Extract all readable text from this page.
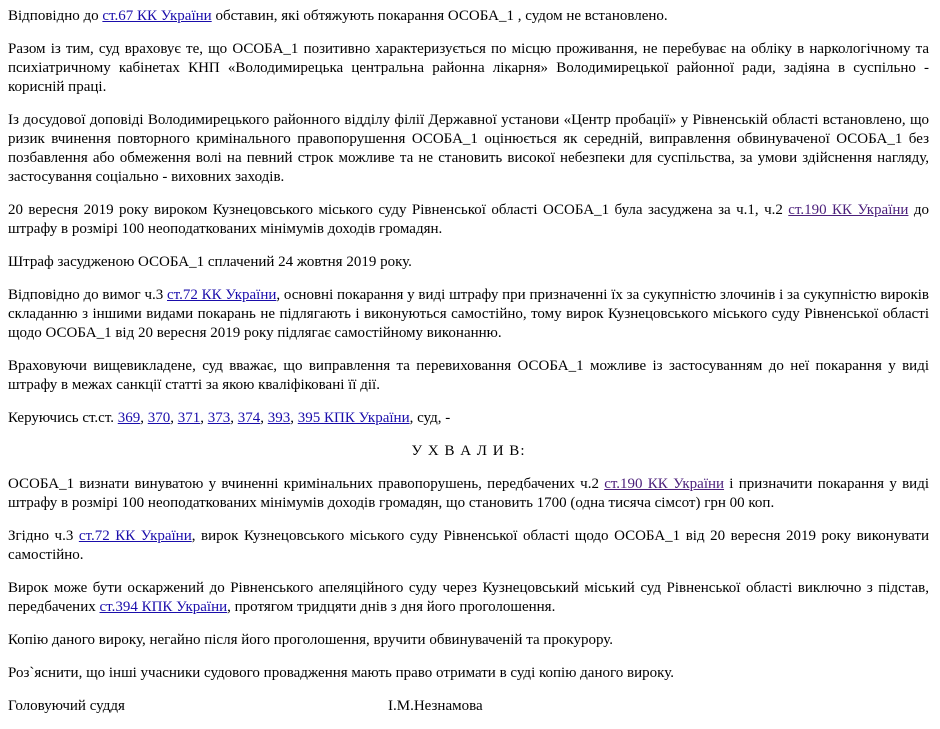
Відповідно до ст.67 КК України обставин, які обтяжують покарання ОСОБА_1 , судом не встановлено.

Разом із тим, суд враховує те, що ОСОБА_1 позитивно характеризується по місцю проживання, не перебуває на обліку в наркологічному та психіатричному кабінетах КНП «Володимирецька центральна районна лікарня» Володимирецької районної ради, задіяна в суспільно - корисній праці.

Із досудової доповіді Володимирецького районного відділу філії Державної установи «Центр пробації» у Рівненській області встановлено, що ризик вчинення повторного кримінального правопорушення ОСОБА_1 оцінюється як середній, виправлення обвинуваченої ОСОБА_1 без позбавлення або обмеження волі на певний строк можливе та не становить високої небезпеки для суспільства, за умови здійснення нагляду, застосування соціально - виховних заходів.

20 вересня 2019 року вироком Кузнецовського міського суду Рівненської області ОСОБА_1 була засуджена за ч.1, ч.2 ст.190 КК України до штрафу в розмірі 100 неоподаткованих мінімумів доходів громадян.

Штраф засудженою ОСОБА_1 сплачений 24 жовтня 2019 року.

Відповідно до вимог ч.3 ст.72 КК України, основні покарання у виді штрафу при призначенні їх за сукупністю злочинів і за сукупністю вироків складанню з іншими видами покарань не підлягають і виконуються самостійно, тому вирок Кузнецовського міського суду Рівненської області щодо ОСОБА_1 від 20 вересня 2019 року підлягає самостійному виконанню.

Враховуючи вищевикладене, суд вважає, що виправлення та перевиховання ОСОБА_1 можливе із застосуванням до неї покарання у виді штрафу в межах санкції статті за якою кваліфіковані її дії.

Керуючись ст.ст. 369, 370, 371, 373, 374, 393, 395 КПК України, суд, -

У Х В А Л И В:

ОСОБА_1 визнати винуватою у вчиненні кримінальних правопорушень, передбачених ч.2 ст.190 КК України і призначити покарання у виді штрафу в розмірі 100 неоподаткованих мінімумів доходів громадян, що становить 1700 (одна тисяча сімсот) грн 00 коп.

Згідно ч.3 ст.72 КК України, вирок Кузнецовського міського суду Рівненської області щодо ОСОБА_1 від 20 вересня 2019 року виконувати самостійно.

Вирок може бути оскаржений до Рівненського апеляційного суду через Кузнецовський міський суд Рівненської області виключно з підстав, передбачених ст.394 КПК України, протягом тридцяти днів з дня його проголошення.

Копію даного вироку, негайно після його проголошення, вручити обвинуваченій та прокурору.

Роз`яснити, що інші учасники судового провадження мають право отримати в суді копію даного вироку.

Головуючий суддя	І.М.Незнамова
